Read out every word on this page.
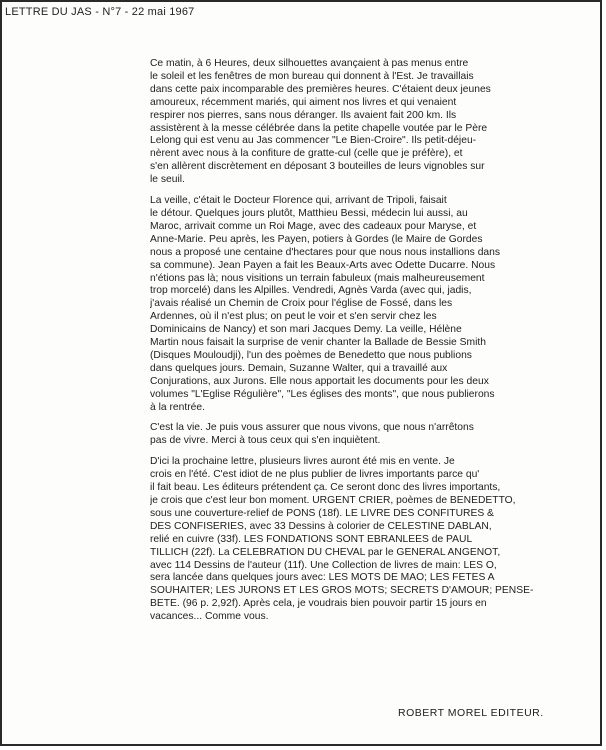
LETTRE DU JAS - N°7 - 22 mai 1967
Ce matin, à 6 Heures, deux silhouettes avançaient à pas menus entre
le soleil et les fenêtres de mon bureau qui donnent à l'Est. Je travaillais
dans cette paix incomparable des premières heures. C'étaient deux jeunes
amoureux, récemment mariés, qui aiment nos livres et qui venaient
respirer nos pierres, sans nous déranger. Ils avaient fait 200 km. Ils
assistèrent à la messe célébrée dans la petite chapelle voutée par le Père
Lelong qui est venu au Jas commencer "Le Bien-Croire". Ils petit-déjeu-
nèrent avec nous à la confiture de gratte-cul (celle que je préfère), et
s'en allèrent discrètement en déposant 3 bouteilles de leurs vignobles sur
le seuil.
La veille, c'était le Docteur Florence qui, arrivant de Tripoli, faisait
le détour. Quelques jours plutôt, Matthieu Bessi, médecin lui aussi, au
Maroc, arrivait comme un Roi Mage, avec des cadeaux pour Maryse, et
Anne-Marie. Peu après, les Payen, potiers à Gordes (le Maire de Gordes
nous a proposé une centaine d'hectares pour que nous nous installions dans
sa commune). Jean Payen a fait les Beaux-Arts avec Odette Ducarre. Nous
n'étions pas là; nous visitions un terrain fabuleux (mais malheureusement
trop morcelé) dans les Alpilles. Vendredi, Agnès Varda (avec qui, jadis,
j'avais réalisé un Chemin de Croix pour l'église de Fossé, dans les
Ardennes, où il n'est plus; on peut le voir et s'en servir chez les
Dominicains de Nancy) et son mari Jacques Demy. La veille, Hélène
Martin nous faisait la surprise de venir chanter la Ballade de Bessie Smith
(Disques Mouloudji), l'un des poèmes de Benedetto que nous publions
dans quelques jours. Demain, Suzanne Walter, qui a travaillé aux
Conjurations, aux Jurons. Elle nous apportait les documents pour les deux
volumes "L'Eglise Régulière", "Les églises des monts", que nous publierons
à la rentrée.
C'est la vie. Je puis vous assurer que nous vivons, que nous n'arrêtons
pas de vivre. Merci à tous ceux qui s'en inquiètent.
D'ici la prochaine lettre, plusieurs livres auront été mis en vente. Je
crois en l'été. C'est idiot de ne plus publier de livres importants parce qu'
il fait beau. Les éditeurs prétendent ça. Ce seront donc des livres importants,
je crois que c'est leur bon moment. URGENT CRIER, poèmes de BENEDETTO,
sous une couverture-relief de PONS (18f). LE LIVRE DES CONFITURES &
DES CONFISERIES, avec 33 Dessins à colorier de CELESTINE DABLAN,
relié en cuivre (33f). LES FONDATIONS SONT EBRANLEES de PAUL
TILLICH (22f). La CELEBRATION DU CHEVAL par le GENERAL ANGENOT,
avec 114 Dessins de l'auteur (11f). Une Collection de livres de main: LES O,
sera lancée dans quelques jours avec: LES MOTS DE MAO; LES FETES A
SOUHAITER; LES JURONS ET LES GROS MOTS; SECRETS D'AMOUR; PENSE-
BETE. (96 p. 2,92f). Après cela, je voudrais bien pouvoir partir 15 jours en
vacances... Comme vous.
ROBERT MOREL EDITEUR.
